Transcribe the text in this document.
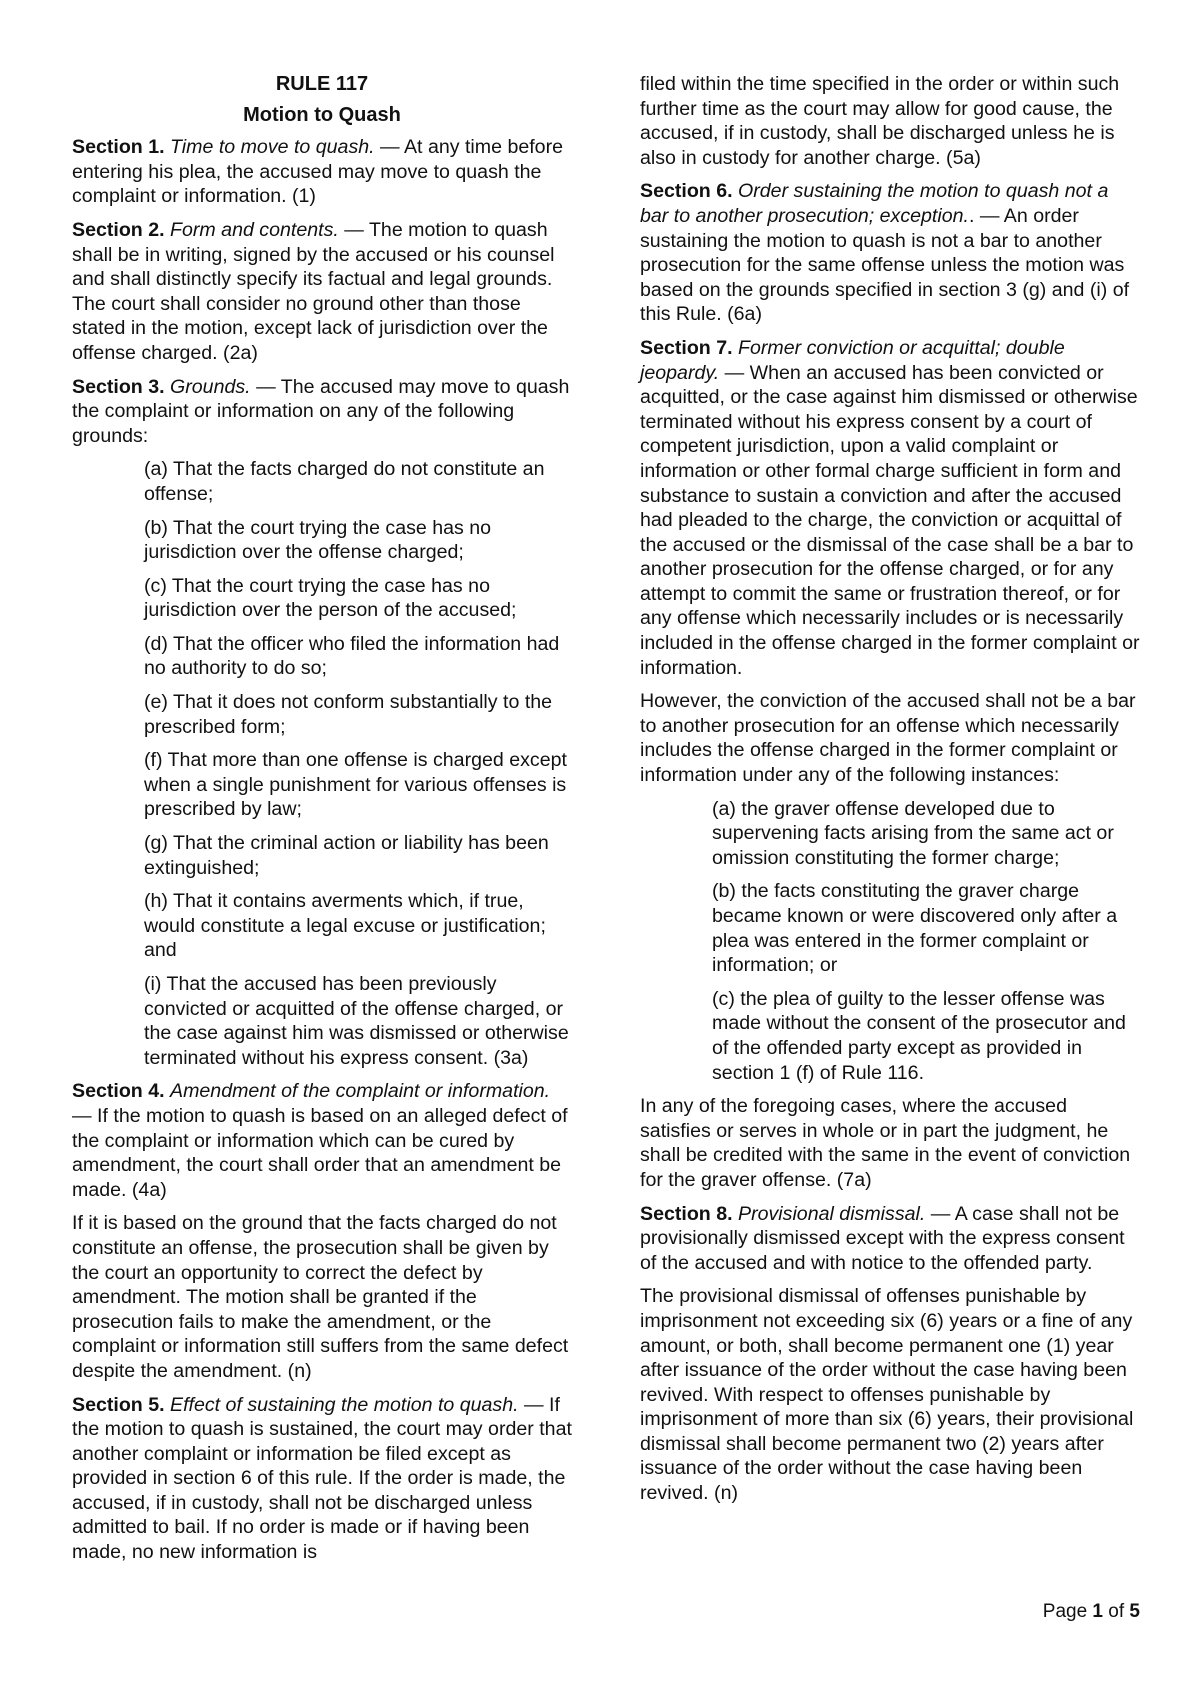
RULE 117

Motion to Quash

Section 1. Time to move to quash. — At any time before entering his plea, the accused may move to quash the complaint or information. (1)

Section 2. Form and contents. — The motion to quash shall be in writing, signed by the accused or his counsel and shall distinctly specify its factual and legal grounds. The court shall consider no ground other than those stated in the motion, except lack of jurisdiction over the offense charged. (2a)

Section 3. Grounds. — The accused may move to quash the complaint or information on any of the following grounds:

(a) That the facts charged do not constitute an offense;

(b) That the court trying the case has no jurisdiction over the offense charged;

(c) That the court trying the case has no jurisdiction over the person of the accused;

(d) That the officer who filed the information had no authority to do so;

(e) That it does not conform substantially to the prescribed form;

(f) That more than one offense is charged except when a single punishment for various offenses is prescribed by law;

(g) That the criminal action or liability has been extinguished;

(h) That it contains averments which, if true, would constitute a legal excuse or justification; and

(i) That the accused has been previously convicted or acquitted of the offense charged, or the case against him was dismissed or otherwise terminated without his express consent. (3a)

Section 4. Amendment of the complaint or information. — If the motion to quash is based on an alleged defect of the complaint or information which can be cured by amendment, the court shall order that an amendment be made. (4a)

If it is based on the ground that the facts charged do not constitute an offense, the prosecution shall be given by the court an opportunity to correct the defect by amendment. The motion shall be granted if the prosecution fails to make the amendment, or the complaint or information still suffers from the same defect despite the amendment. (n)

Section 5. Effect of sustaining the motion to quash. — If the motion to quash is sustained, the court may order that another complaint or information be filed except as provided in section 6 of this rule. If the order is made, the accused, if in custody, shall not be discharged unless admitted to bail. If no order is made or if having been made, no new information is

filed within the time specified in the order or within such further time as the court may allow for good cause, the accused, if in custody, shall be discharged unless he is also in custody for another charge. (5a)

Section 6. Order sustaining the motion to quash not a bar to another prosecution; exception.. — An order sustaining the motion to quash is not a bar to another prosecution for the same offense unless the motion was based on the grounds specified in section 3 (g) and (i) of this Rule. (6a)

Section 7. Former conviction or acquittal; double jeopardy. — When an accused has been convicted or acquitted, or the case against him dismissed or otherwise terminated without his express consent by a court of competent jurisdiction, upon a valid complaint or information or other formal charge sufficient in form and substance to sustain a conviction and after the accused had pleaded to the charge, the conviction or acquittal of the accused or the dismissal of the case shall be a bar to another prosecution for the offense charged, or for any attempt to commit the same or frustration thereof, or for any offense which necessarily includes or is necessarily included in the offense charged in the former complaint or information.

However, the conviction of the accused shall not be a bar to another prosecution for an offense which necessarily includes the offense charged in the former complaint or information under any of the following instances:

(a) the graver offense developed due to supervening facts arising from the same act or omission constituting the former charge;

(b) the facts constituting the graver charge became known or were discovered only after a plea was entered in the former complaint or information; or

(c) the plea of guilty to the lesser offense was made without the consent of the prosecutor and of the offended party except as provided in section 1 (f) of Rule 116.

In any of the foregoing cases, where the accused satisfies or serves in whole or in part the judgment, he shall be credited with the same in the event of conviction for the graver offense. (7a)

Section 8. Provisional dismissal. — A case shall not be provisionally dismissed except with the express consent of the accused and with notice to the offended party.

The provisional dismissal of offenses punishable by imprisonment not exceeding six (6) years or a fine of any amount, or both, shall become permanent one (1) year after issuance of the order without the case having been revived. With respect to offenses punishable by imprisonment of more than six (6) years, their provisional dismissal shall become permanent two (2) years after issuance of the order without the case having been revived. (n)

Page 1 of 5
